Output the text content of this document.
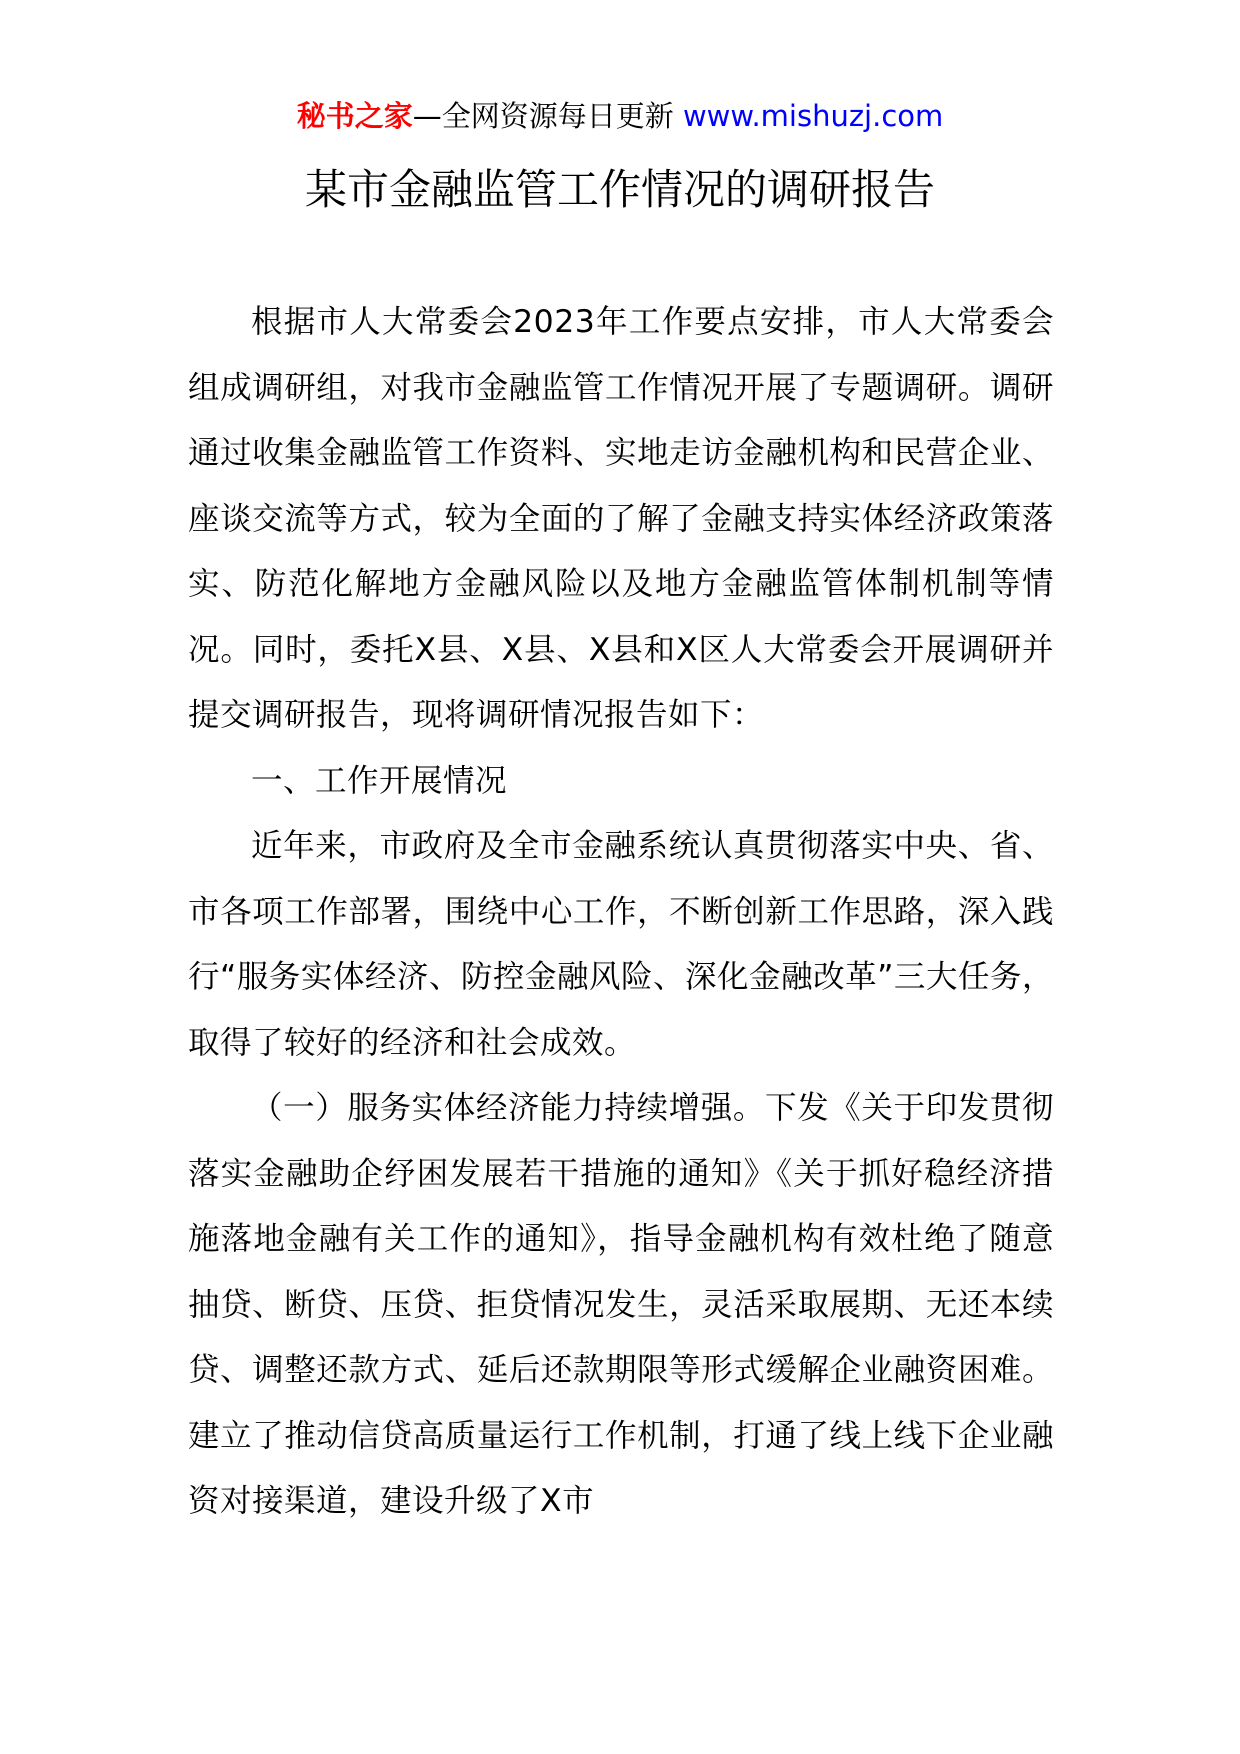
秘书之家—全网资源每日更新 www.mishuzj.com
某市金融监管工作情况的调研报告

根据市人大常委会2023年工作要点安排，市人大常委会组成调研组，对我市金融监管工作情况开展了专题调研。调研通过收集金融监管工作资料、实地走访金融机构和民营企业、座谈交流等方式，较为全面的了解了金融支持实体经济政策落实、防范化解地方金融风险以及地方金融监管体制机制等情况。同时，委托X县、X县、X县和X区人大常委会开展调研并提交调研报告，现将调研情况报告如下：

一、工作开展情况

近年来，市政府及全市金融系统认真贯彻落实中央、省、市各项工作部署，围绕中心工作，不断创新工作思路，深入践行“服务实体经济、防控金融风险、深化金融改革”三大任务，取得了较好的经济和社会成效。

（一）服务实体经济能力持续增强。下发《关于印发贯彻落实金融助企纾困发展若干措施的通知》《关于抓好稳经济措施落地金融有关工作的通知》，指导金融机构有效杜绝了随意抽贷、断贷、压贷、拒贷情况发生，灵活采取展期、无还本续贷、调整还款方式、延后还款期限等形式缓解企业融资困难。建立了推动信贷高质量运行工作机制，打通了线上线下企业融资对接渠道，建设升级了X市
